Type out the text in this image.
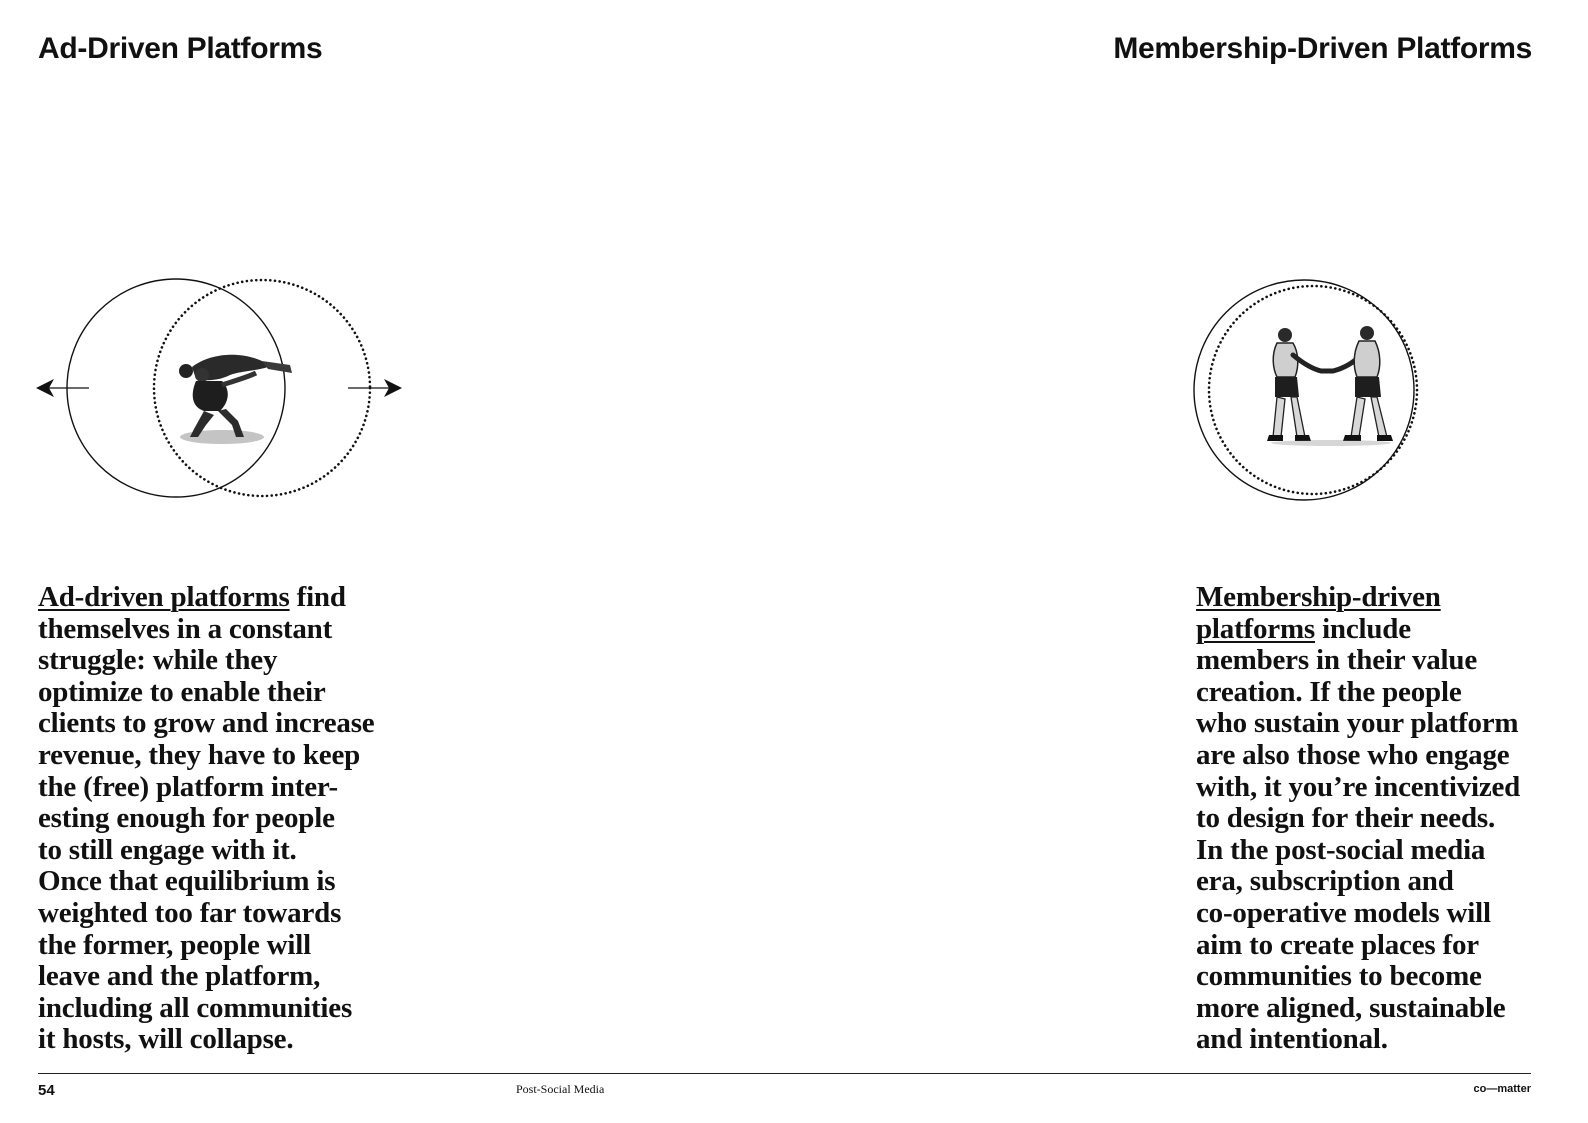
Ad-Driven Platforms	Membership-Driven Platforms

Ad-driven platforms find
themselves in a constant
struggle: while they
optimize to enable their
clients to grow and increase
revenue, they have to keep
the (free) platform inter-
esting enough for people
to still engage with it.
Once that equilibrium is
weighted too far towards
the former, people will
leave and the platform,
including all communities
it hosts, will collapse.

Membership-driven
platforms include
members in their value
creation. If the people
who sustain your platform
are also those who engage
with, it you’re incentivized
to design for their needs.
In the post-social media
era, subscription and
co-operative models will
aim to create places for
communities to become
more aligned, sustainable
and intentional.

54	Post-Social Media	co—matter
